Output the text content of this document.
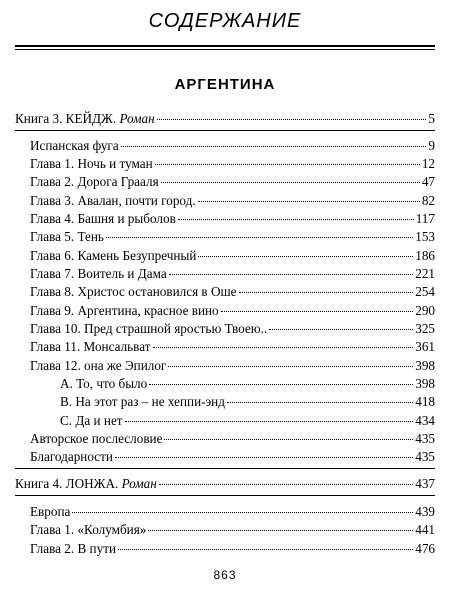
СОДЕРЖАНИЕ
АРГЕНТИНА
Книга 3. КЕЙДЖ. Роман	5
Испанская фуга	9
Глава 1. Ночь и туман	12
Глава 2. Дорога Грааля	47
Глава 3. Авалан, почти город.	82
Глава 4. Башня и рыболов	117
Глава 5. Тень	153
Глава 6. Камень Безупречный	186
Глава 7. Воитель и Дама	221
Глава 8. Христос остановился в Оше	254
Глава 9. Аргентина, красное вино	290
Глава 10. Пред страшной яростью Твоею..	325
Глава 11. Монсальват	361
Глава 12. она же Эпилог	398
А. То, что было	398
В. На этот раз – не хеппи-энд	418
С. Да и нет	434
Авторское послесловие	435
Благодарности	435
Книга 4. ЛОНЖА. Роман	437
Европа	439
Глава 1. «Колумбия»	441
Глава 2. В пути	476
863
